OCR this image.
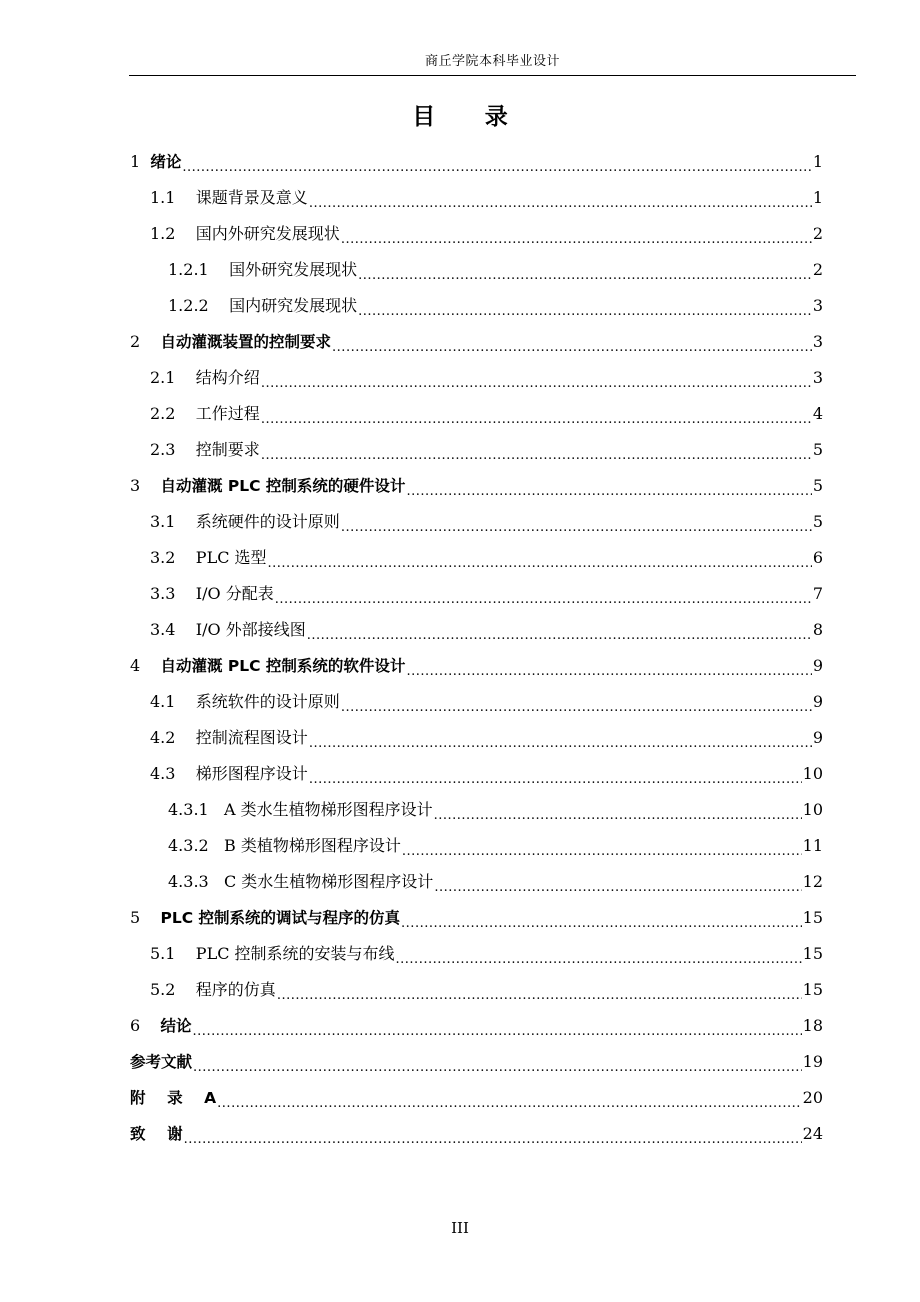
商丘学院本科毕业设计
目 录
1 绪论 .....	1
1.1 课题背景及意义 .....	1
1.2 国内外研究发展现状 .....	2
1.2.1 国外研究发展现状 .....	2
1.2.2 国内研究发展现状 .....	3
2 自动灌溉装置的控制要求 .....	3
2.1 结构介绍 .....	3
2.2 工作过程 .....	4
2.3 控制要求 .....	5
3 自动灌溉 PLC 控制系统的硬件设计 .....	5
3.1 系统硬件的设计原则 .....	5
3.2 PLC 选型 .....	6
3.3 I/O 分配表 .....	7
3.4 I/O 外部接线图 .....	8
4 自动灌溉 PLC 控制系统的软件设计 .....	9
4.1 系统软件的设计原则 .....	9
4.2 控制流程图设计 .....	9
4.3 梯形图程序设计 .....	10
4.3.1 A 类水生植物梯形图程序设计 .....	10
4.3.2 B 类植物梯形图程序设计 .....	11
4.3.3 C 类水生植物梯形图程序设计 .....	12
5 PLC 控制系统的调试与程序的仿真 .....	15
5.1 PLC 控制系统的安装与布线 .....	15
5.2 程序的仿真 .....	15
6 结论 .....	18
参考文献 .....	19
附    录    A .....	20
致    谢 .....	24
III
